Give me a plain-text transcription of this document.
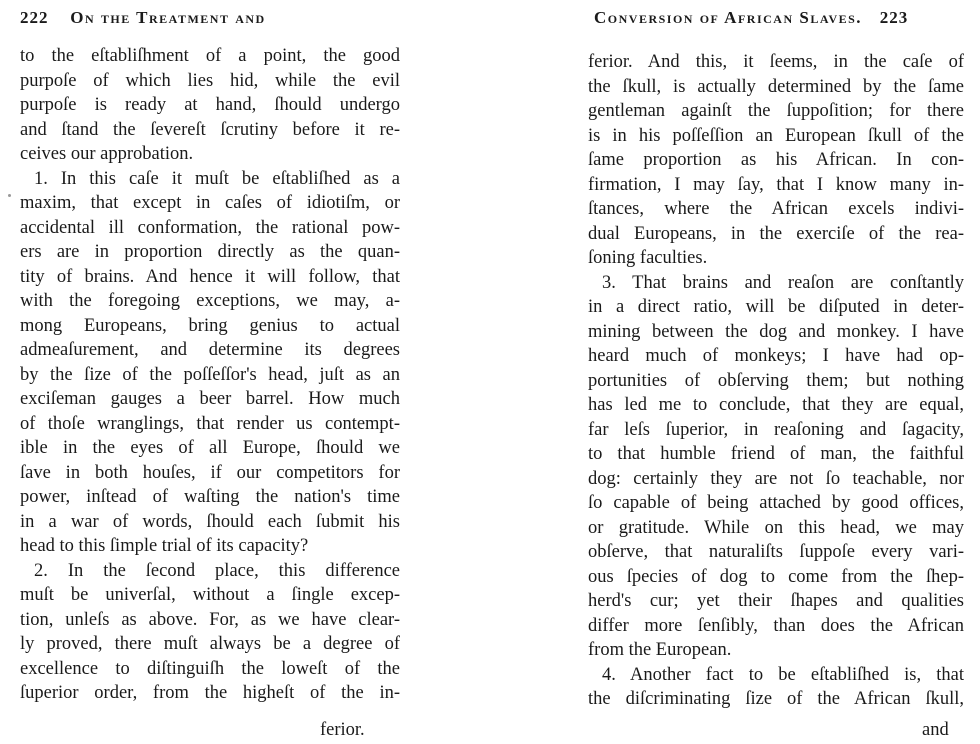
222 On the Treatment and
to the eſtabliſhment of a point, the good
purpoſe of which lies hid, while the evil
purpoſe is ready at hand, ſhould undergo
and ſtand the ſevereſt ſcrutiny before it re-
ceives our approbation.
1. In this caſe it muſt be eſtabliſhed as a
maxim, that except in caſes of idiotiſm, or
accidental ill conformation, the rational pow-
ers are in proportion directly as the quan-
tity of brains. And hence it will follow, that
with the foregoing exceptions, we may, a-
mong Europeans, bring genius to actual
admeaſurement, and determine its degrees
by the ſize of the poſſeſſor's head, juſt as an
exciſeman gauges a beer barrel. How much
of thoſe wranglings, that render us contempt-
ible in the eyes of all Europe, ſhould we
ſave in both houſes, if our competitors for
power, inſtead of waſting the nation's time
in a war of words, ſhould each ſubmit his
head to this ſimple trial of its capacity?
2. In the ſecond place, this difference
muſt be univerſal, without a ſingle excep-
tion, unleſs as above. For, as we have clear-
ly proved, there muſt always be a degree of
excellence to diſtinguiſh the loweſt of the
ſuperior order, from the higheſt of the in-
ferior.
Conversion of African Slaves. 223
ferior. And this, it ſeems, in the caſe of
the ſkull, is actually determined by the ſame
gentleman againſt the ſuppoſition; for there
is in his poſſeſſion an European ſkull of the
ſame proportion as his African. In con-
firmation, I may ſay, that I know many in-
ſtances, where the African excels indivi-
dual Europeans, in the exerciſe of the rea-
ſoning faculties.
3. That brains and reaſon are conſtantly
in a direct ratio, will be diſputed in deter-
mining between the dog and monkey. I have
heard much of monkeys; I have had op-
portunities of obſerving them; but nothing
has led me to conclude, that they are equal,
far leſs ſuperior, in reaſoning and ſagacity,
to that humble friend of man, the faithful
dog: certainly they are not ſo teachable, nor
ſo capable of being attached by good offices,
or gratitude. While on this head, we may
obſerve, that naturaliſts ſuppoſe every vari-
ous ſpecies of dog to come from the ſhep-
herd's cur; yet their ſhapes and qualities
differ more ſenſibly, than does the African
from the European.
4. Another fact to be eſtabliſhed is, that
the diſcriminating ſize of the African ſkull,
and
